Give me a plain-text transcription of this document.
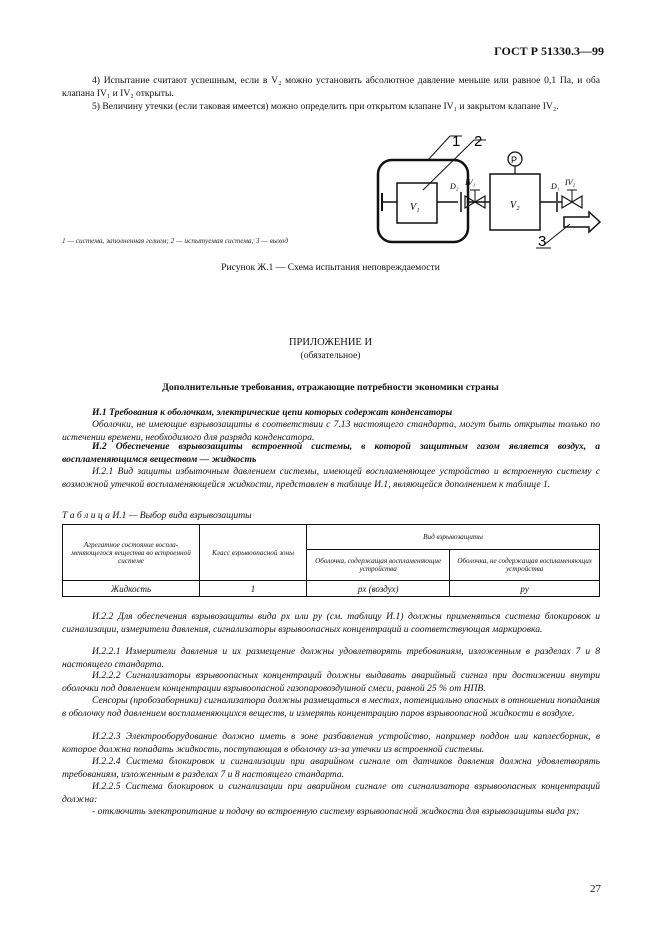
ГОСТ Р 51330.3—99
4) Испытание считают успешным, если в V₂ можно установить абсолютное давление меньше или равное 0,1 Па, и оба клапана IV₁ и IV₂ открыты.
5) Величину утечки (если таковая имеется) можно определить при открытом клапане IV₁ и закрытом клапане IV₂.
V₁
1 2
D₂ IV₁
V₂
P
D₁ IV₂
3
1 — система, заполненная гелием; 2 — испытуемая система; 3 — выход
Рисунок Ж.1 — Схема испытания неповреждаемости
ПРИЛОЖЕНИЕ И
(обязательное)
Дополнительные требования, отражающие потребности экономики страны
И.1 Требования к оболочкам, электрические цепи которых содержат конденсаторы
Оболочки, не имеющие взрывозащиты в соответствии с 7.13 настоящего стандарта, могут быть открыты только по истечении времени, необходимого для разряда конденсатора.
И.2 Обеспечение взрывозащиты встроенной системы, в которой защитным газом является воздух, а воспламеняющимся веществом — жидкость
И.2.1 Вид защиты избыточным давлением системы, имеющей воспламеняющее устройство и встроенную систему с возможной утечкой воспламеняющейся жидкости, представлен в таблице И.1, являющейся дополнением к таблице 1.
Т а б л и ц а И.1 — Выбор вида взрывозащиты
Агрегатное состояние воспла-меняющегося вещества во встроенной системе	Класс взрывоопасной зоны	Вид взрывозащиты	
		Оболочка, содержащая воспламеняющие устройства	Оболочка, не содержащая воспламеняющих устройства
Жидкость	1	px (воздух)	py
И.2.2 Для обеспечения взрывозащиты вида px или py (см. таблицу И.1) должны применяться система блокировок и сигнализации, измерители давления, сигнализаторы взрывоопасных концентраций и соответствующая маркировка.
И.2.2.1 Измерители давления и их размещение должны удовлетворять требованиям, изложенным в разделах 7 и 8 настоящего стандарта.
И.2.2.2 Сигнализаторы взрывоопасных концентраций должны выдавать аварийный сигнал при достижении внутри оболочки под давлением концентрации взрывоопасной газопаровоздушной смеси, равной 25 % от НПВ.
Сенсоры (пробозаборники) сигнализатора должны размещаться в местах, потенциально опасных в отношении попадания в оболочку под давлением воспламеняющихся веществ, и измерять концентрацию паров взрывоопасной жидкости в воздухе.
И.2.2.3 Электрооборудование должно иметь в зоне разбавления устройство, например поддон или каплесборник, в которое должна попадать жидкость, поступающая в оболочку из-за утечки из встроенной системы.
И.2.2.4 Система блокировок и сигнализации при аварийном сигнале от датчиков давления должна удовлетворять требованиям, изложенным в разделах 7 и 8 настоящего стандарта.
И.2.2.5 Система блокировок и сигнализации при аварийном сигнале от сигнализатора взрывоопасных концентраций должна:
- отключить электропитание и подачу во встроенную систему взрывоопасной жидкости для взрывозащиты вида px;
27
